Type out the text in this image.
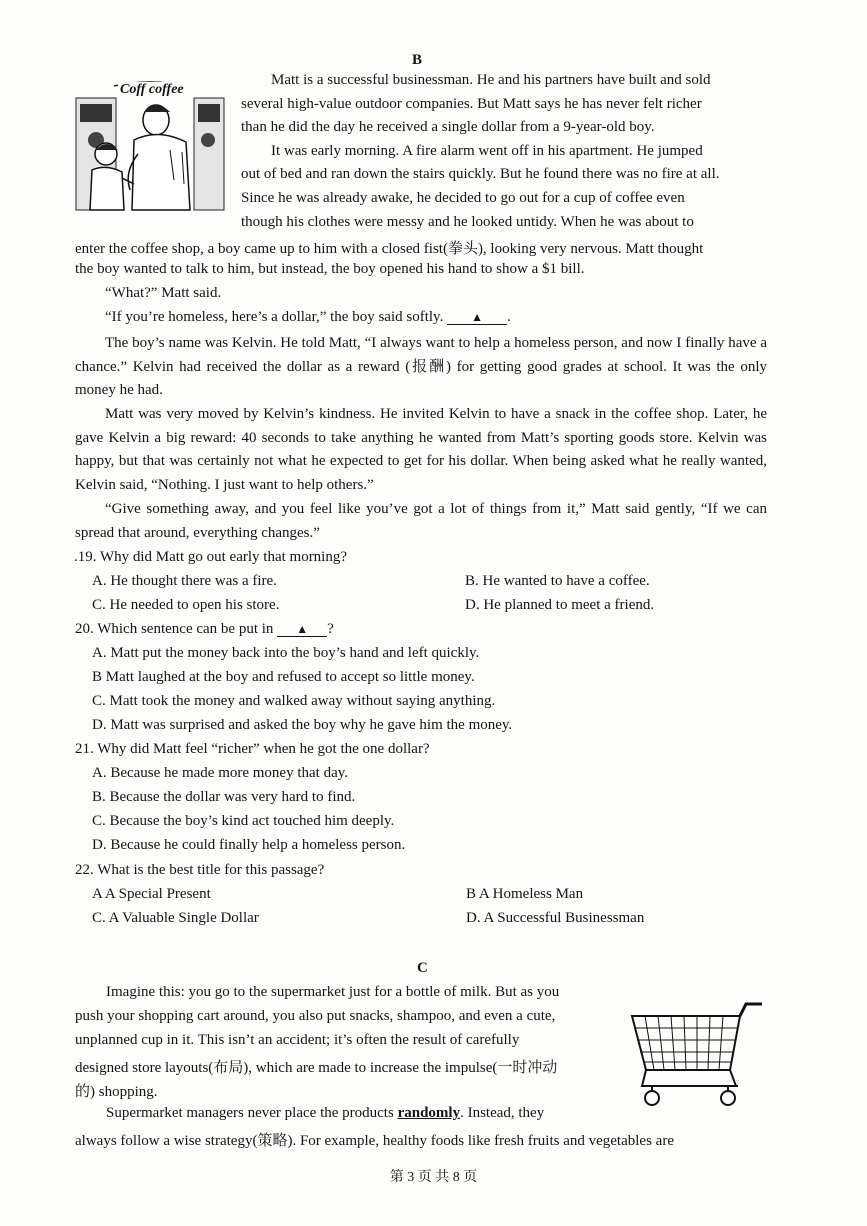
B
Coff coffee
Matt is a successful businessman. He and his partners have built and sold
several high-value outdoor companies. But Matt says he has never felt richer
than he did the day he received a single dollar from a 9-year-old boy.
It was early morning. A fire alarm went off in his apartment. He jumped
out of bed and ran down the stairs quickly. But he found there was no fire at all.
Since he was already awake, he decided to go out for a cup of coffee even
though his clothes were messy and he looked untidy. When he was about to
enter the coffee shop, a boy came up to him with a closed fist(拳头), looking very nervous. Matt thought
the boy wanted to talk to him, but instead, the boy opened his hand to show a $1 bill.
“What?” Matt said.
“If you’re homeless, here’s a dollar,” the boy said softly. ▲ .

The boy’s name was Kelvin. He told Matt, “I always want to help a homeless person, and now I finally have a chance.” Kelvin had received the dollar as a reward (报酬) for getting good grades at school. It was the only money he had.

Matt was very moved by Kelvin’s kindness. He invited Kelvin to have a snack in the coffee shop. Later, he gave Kelvin a big reward: 40 seconds to take anything he wanted from Matt’s sporting goods store. Kelvin was happy, but that was certainly not what he expected to get for his dollar. When being asked what he really wanted, Kelvin said, “Nothing. I just want to help others.”

“Give something away, and you feel like you’ve got a lot of things from it,” Matt said gently, “If we can spread that around, everything changes.”

.19. Why did Matt go out early that morning?
A. He thought there was a fire.	B. He wanted to have a coffee.
C. He needed to open his store.	D. He planned to meet a friend.
20. Which sentence can be put in ▲ ?
A. Matt put the money back into the boy’s hand and left quickly.
B Matt laughed at the boy and refused to accept so little money.
C. Matt took the money and walked away without saying anything.
D. Matt was surprised and asked the boy why he gave him the money.
21. Why did Matt feel “richer” when he got the one dollar?
A. Because he made more money that day.
B. Because the dollar was very hard to find.
C. Because the boy’s kind act touched him deeply.
D. Because he could finally help a homeless person.
22. What is the best title for this passage?
A A Special Present	B A Homeless Man
C. A Valuable Single Dollar	D. A Successful Businessman
C
Imagine this: you go to the supermarket just for a bottle of milk. But as you
push your shopping cart around, you also put snacks, shampoo, and even a cute,
unplanned cup in it. This isn’t an accident; it’s often the result of carefully
designed store layouts(布局), which are made to increase the impulse(一时冲动
的) shopping.
Supermarket managers never place the products randomly. Instead, they
always follow a wise strategy(策略). For example, healthy foods like fresh fruits and vegetables are
第 3 页 共 8 页
